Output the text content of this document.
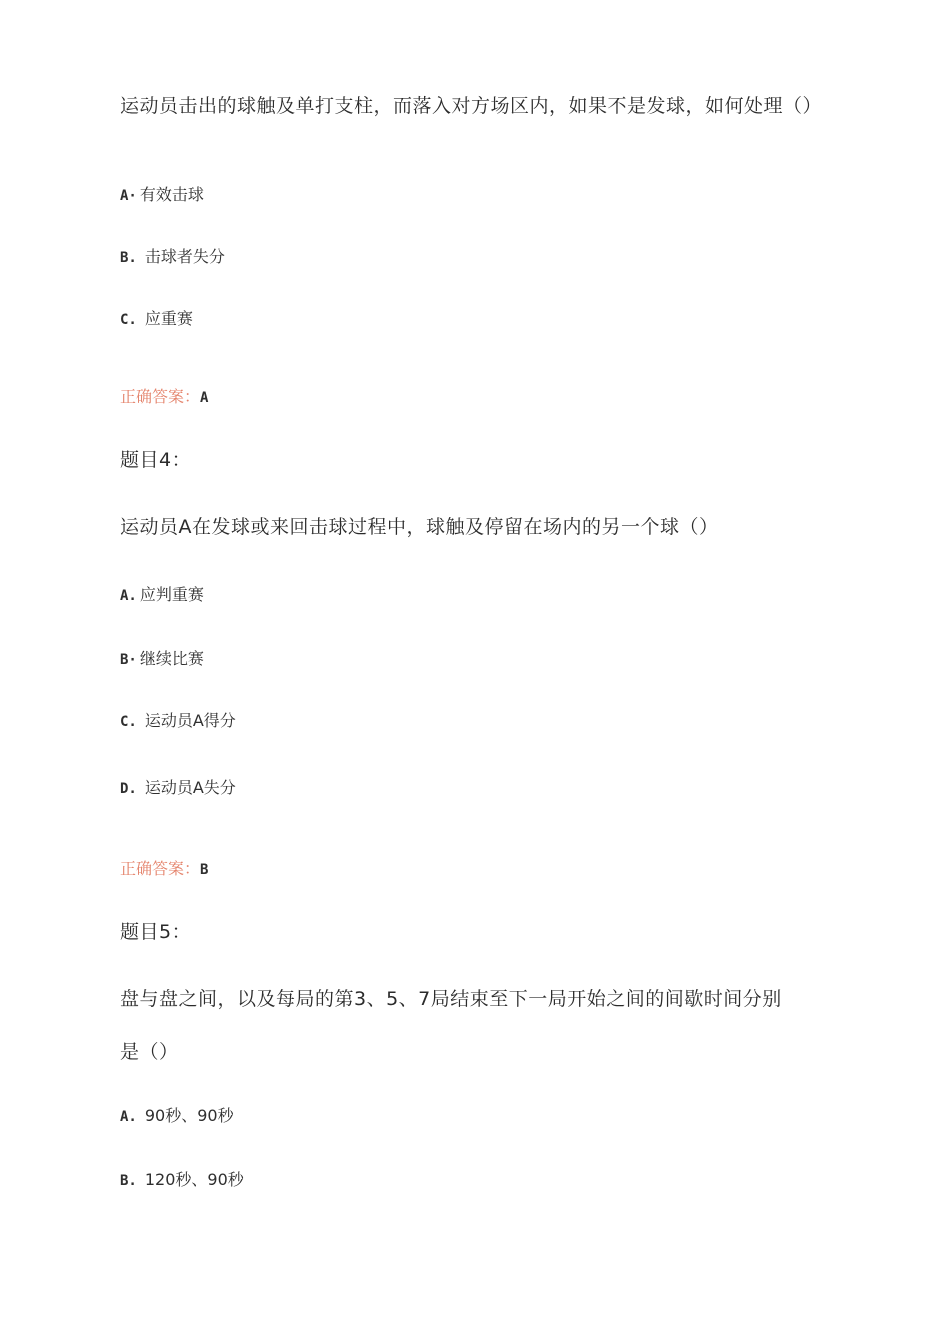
运动员击出的球触及单打支柱，而落入对方场区内，如果不是发球，如何处理（）
A· 有效击球
B. 击球者失分
C. 应重赛
正确答案：A
题目4：
运动员A在发球或来回击球过程中，球触及停留在场内的另一个球（）
A. 应判重赛
B· 继续比赛
C. 运动员A得分
D. 运动员A失分
正确答案：B
题目5：
盘与盘之间，以及每局的第3、5、7局结束至下一局开始之间的间歇时间分别
是（）
A. 90秒、90秒
B. 120秒、90秒
